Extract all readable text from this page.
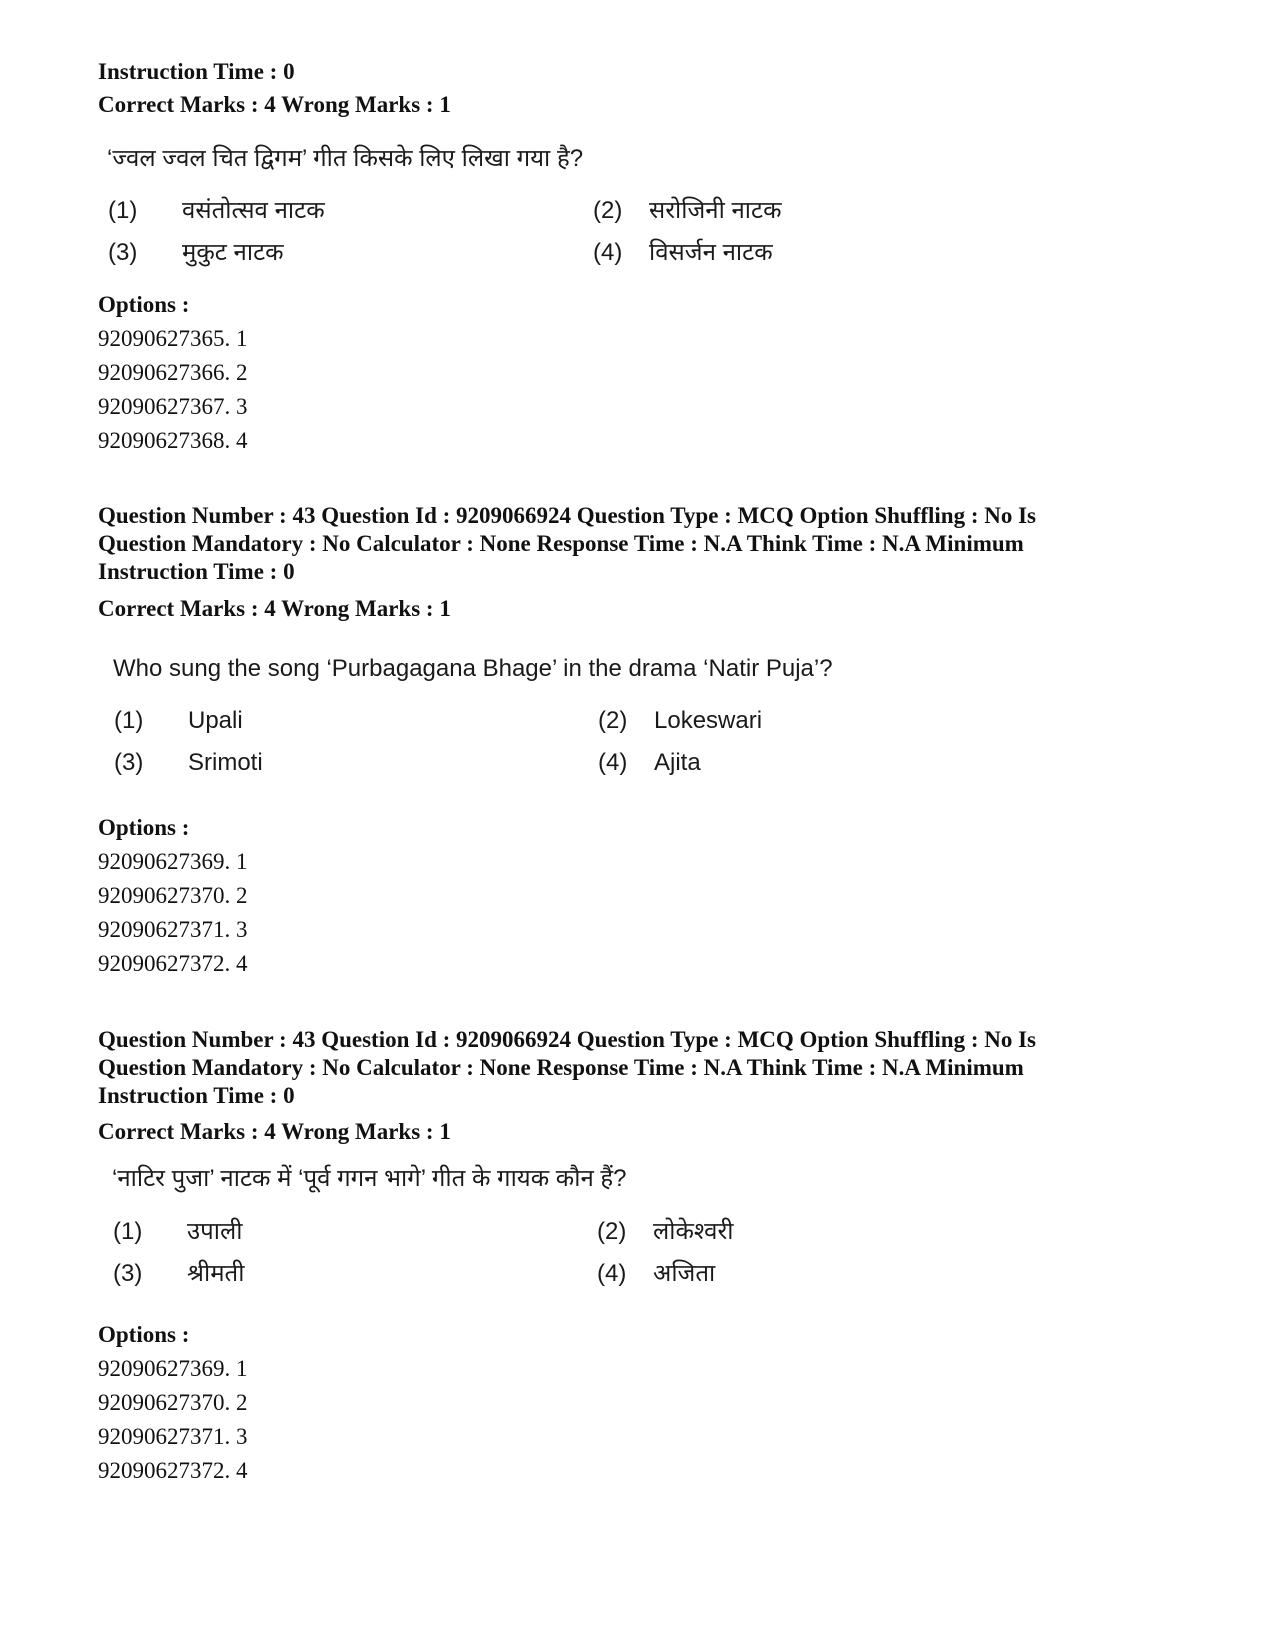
Instruction Time : 0
Correct Marks : 4 Wrong Marks : 1
‘ज्वल ज्वल चित द्विगम’ गीत किसके लिए लिखा गया है?
(1) वसंतोत्सव नाटक	(2) सरोजिनी नाटक
(3) मुकुट नाटक	(4) विसर्जन नाटक
Options :
92090627365. 1
92090627366. 2
92090627367. 3
92090627368. 4
Question Number : 43 Question Id : 9209066924 Question Type : MCQ Option Shuffling : No Is
Question Mandatory : No Calculator : None Response Time : N.A Think Time : N.A Minimum
Instruction Time : 0
Correct Marks : 4 Wrong Marks : 1
Who sung the song ‘Purbagagana Bhage’ in the drama ‘Natir Puja’?
(1) Upali	(2) Lokeswari
(3) Srimoti	(4) Ajita
Options :
92090627369. 1
92090627370. 2
92090627371. 3
92090627372. 4
Question Number : 43 Question Id : 9209066924 Question Type : MCQ Option Shuffling : No Is
Question Mandatory : No Calculator : None Response Time : N.A Think Time : N.A Minimum
Instruction Time : 0
Correct Marks : 4 Wrong Marks : 1
‘नाटिर पुजा’ नाटक में ‘पूर्व गगन भागे’ गीत के गायक कौन हैं?
(1) उपाली	(2) लोकेश्वरी
(3) श्रीमती	(4) अजिता
Options :
92090627369. 1
92090627370. 2
92090627371. 3
92090627372. 4
